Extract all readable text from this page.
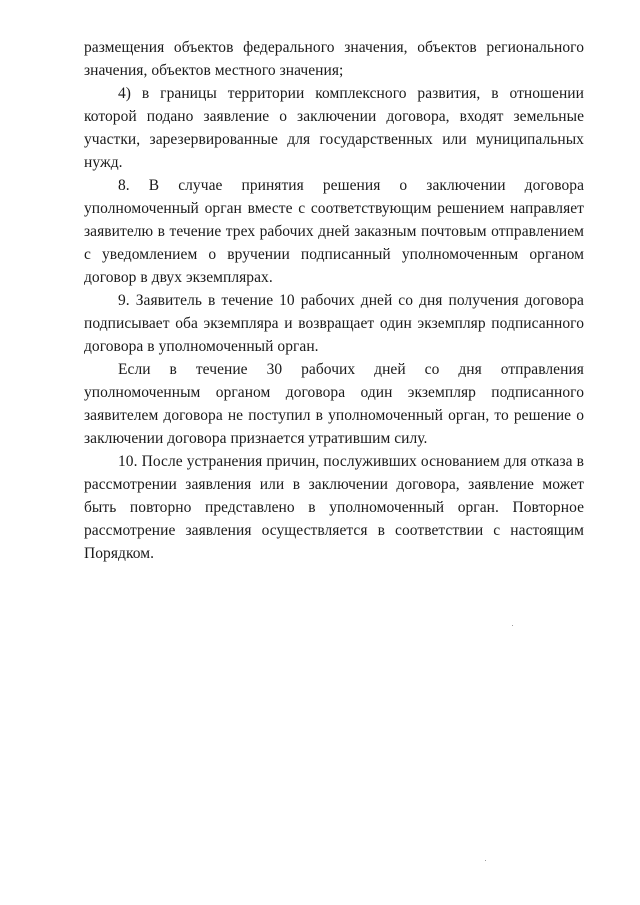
размещения объектов федерального значения, объектов регионального значения, объектов местного значения;

4) в границы территории комплексного развития, в отношении которой подано заявление о заключении договора, входят земельные участки, зарезервированные для государственных или муниципальных нужд.

8. В случае принятия решения о заключении договора уполномоченный орган вместе с соответствующим решением направляет заявителю в течение трех рабочих дней заказным почтовым отправлением с уведомлением о вручении подписанный уполномоченным органом договор в двух экземплярах.

9. Заявитель в течение 10 рабочих дней со дня получения договора подписывает оба экземпляра и возвращает один экземпляр подписанного договора в уполномоченный орган.

Если в течение 30 рабочих дней со дня отправления уполномоченным органом договора один экземпляр подписанного заявителем договора не поступил в уполномоченный орган, то решение о заключении договора признается утратившим силу.

10. После устранения причин, послуживших основанием для отказа в рассмотрении заявления или в заключении договора, заявление может быть повторно представлено в уполномоченный орган. Повторное рассмотрение заявления осуществляется в соответствии с настоящим Порядком.
